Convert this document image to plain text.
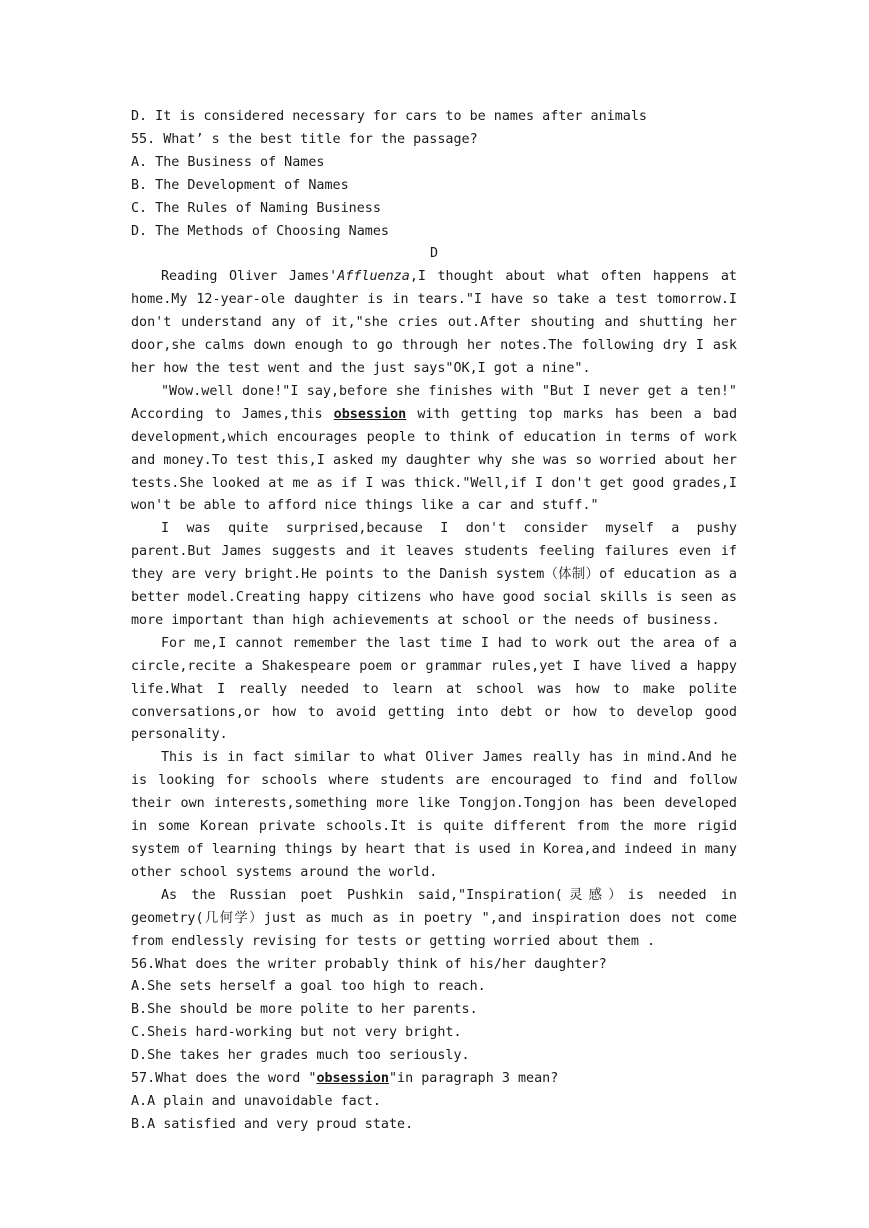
D. It is considered necessary for cars to be names after animals

55. What’ s the best title for the passage?

A. The Business of Names

B. The Development of Names

C. The Rules of Naming Business

D. The Methods of Choosing Names

D

Reading Oliver James'Affluenza,I thought about what often happens at home.My 12-year-ole daughter is in tears."I have so take a test tomorrow.I don't understand any of it,"she cries out.After shouting and shutting her door,she calms down enough to go through her notes.The following dry I ask her how the test went and the just says"OK,I got a nine".

"Wow.well done!"I say,before she finishes with "But I never get a ten!" According to James,this obsession with getting top marks has been a bad development,which encourages people to think of education in terms of work and money.To test this,I asked my daughter why she was so worried about her tests.She looked at me as if I was thick."Well,if I don't get good grades,I won't be able to afford nice things like a car and stuff."

I was quite surprised,because I don't consider myself a pushy parent.But James suggests and it leaves students feeling failures even if they are very bright.He points to the Danish system（体制）of education as a better model.Creating happy citizens who have good social skills is seen as more important than high achievements at school or the needs of business.

For me,I cannot remember the last time I had to work out the area of a circle,recite a Shakespeare poem or grammar rules,yet I have lived a happy life.What I really needed to learn at school was how to make polite conversations,or how to avoid getting into debt or how to develop good personality.

This is in fact similar to what Oliver James really has in mind.And he is looking for schools where students are encouraged to find and follow their own interests,something more like Tongjon.Tongjon has been developed in some Korean private schools.It is quite different from the more rigid system of learning things by heart that is used in Korea,and indeed in many other school systems around the world.

As the Russian poet Pushkin said,"Inspiration(灵感）is needed in geometry(几何学）just as much as in poetry ",and inspiration does not come from endlessly revising for tests or getting worried about them .

56.What does the writer probably think of his/her daughter?

A.She sets herself a goal too high to reach.

B.She should be more polite to her parents.

C.Sheis hard-working but not very bright.

D.She takes her grades much too seriously.

57.What does the word "obsession"in paragraph 3 mean?

A.A plain and unavoidable fact.

B.A satisfied and very proud state.
